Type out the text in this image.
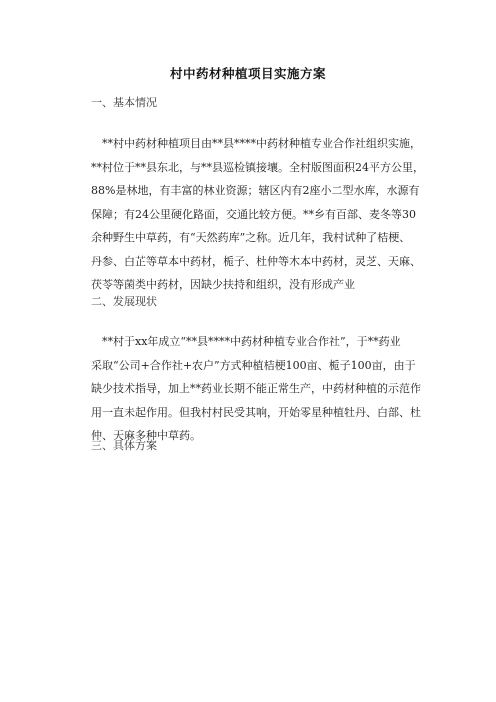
村中药材种植项目实施方案
一、基本情况
　**村中药材种植项目由**县****中药材种植专业合作社组织实施，
**村位于**县东北，与**县巡检镇接壤。全村版图面积24平方公里，
88%是林地，有丰富的林业资源；辖区内有2座小二型水库，水源有
保障；有24公里硬化路面，交通比较方便。**乡有百部、麦冬等30
余种野生中草药，有“天然药库”之称。近几年，我村试种了桔梗、
丹参、白芷等草本中药材，栀子、杜仲等木本中药材，灵芝、天麻、
茯苓等菌类中药材，因缺少扶持和组织，没有形成产业
二、发展现状
　**村于xx年成立“**县****中药材种植专业合作社”，于**药业
采取“公司+合作社+农户”方式种植桔梗100亩、栀子100亩，由于
缺少技术指导，加上**药业长期不能正常生产，中药材种植的示范作
用一直未起作用。但我村村民受其响，开始零星种植牡丹、白部、杜
仲、天麻多种中草药。
三、具体方案
